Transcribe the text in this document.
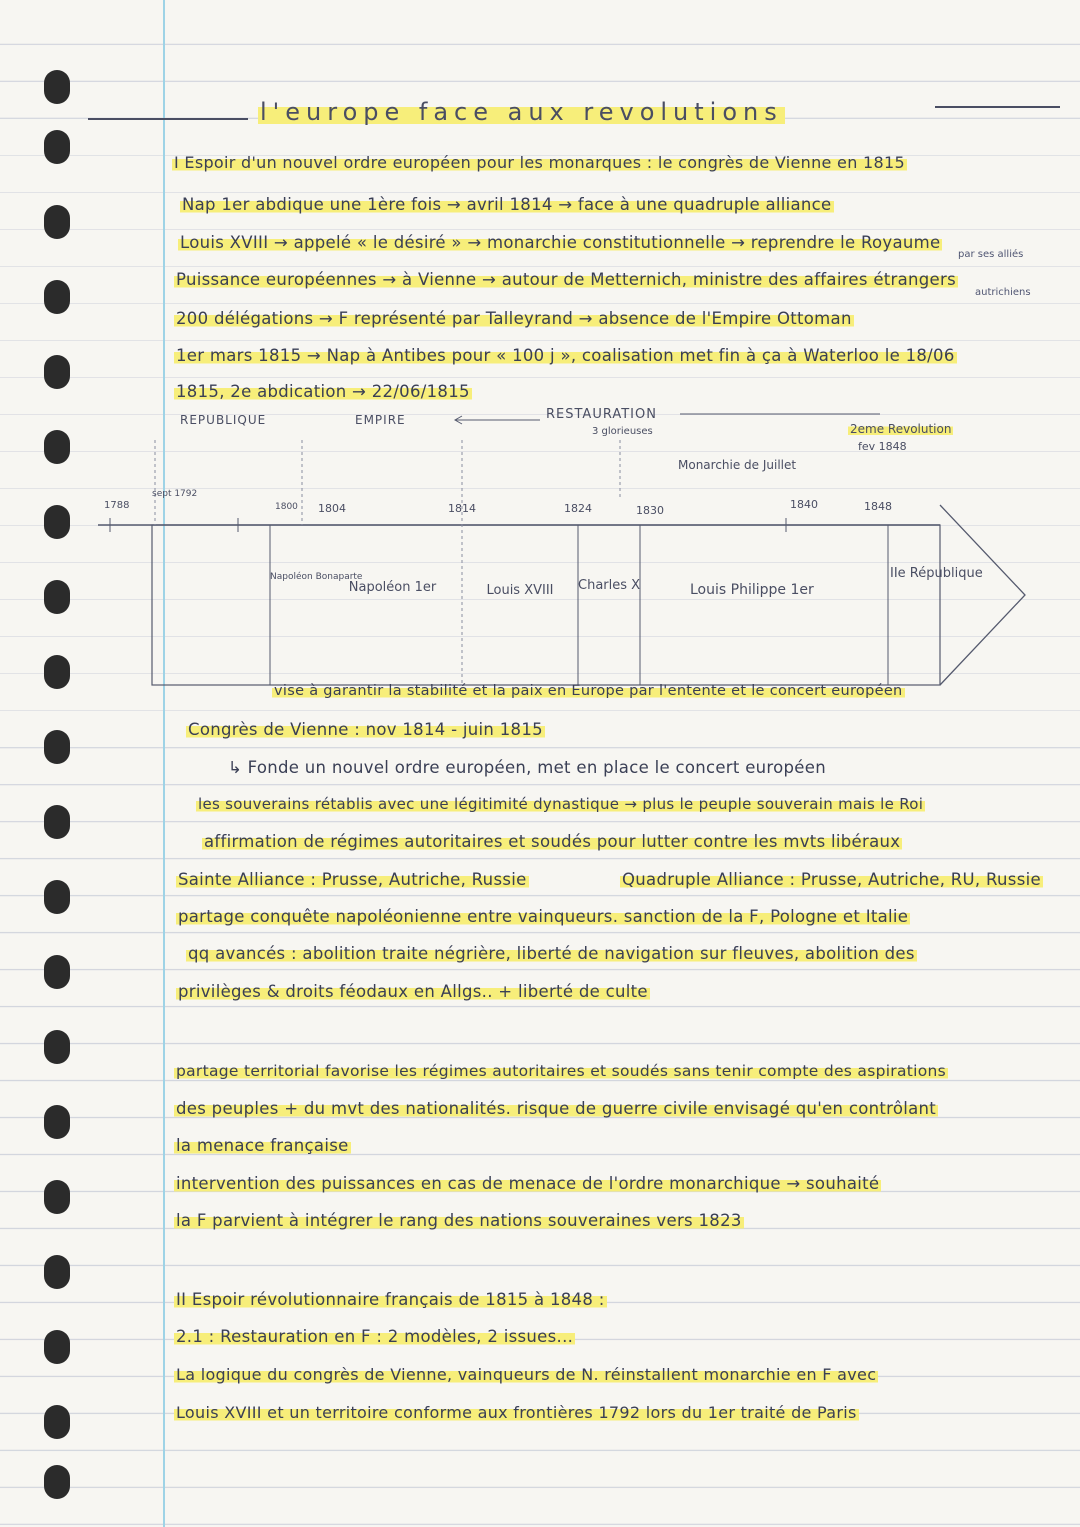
l'europe face aux revolutions
I Espoir d'un nouvel ordre européen pour les monarques : le congrès de Vienne en 1815
Nap 1er abdique une 1ère fois → avril 1814 → face à une quadruple alliance
Louis XVIII → appelé « le désiré » → monarchie constitutionnelle → reprendre le Royaume
par ses alliés
Puissance européennes → à Vienne → autour de Metternich, ministre des affaires étrangers
autrichiens
200 délégations → F représenté par Talleyrand → absence de l'Empire Ottoman
1er mars 1815 → Nap à Antibes pour « 100 j », coalisation met fin à ça à Waterloo le 18/06
1815, 2e abdication → 22/06/1815
REPUBLIQUE	EMPIRE	RESTAURATION
3 glorieuses
Monarchie de Juillet
2eme Revolution
fev 1848
1788
sept 1792
1800 1804	1814	1824	1830	1840	1848
Napoléon Bonaparte
Napoléon 1er	Louis XVIII	Charles X	Louis Philippe 1er
IIe République
vise à garantir la stabilité et la paix en Europe par l'entente et le concert européen
Congrès de Vienne : nov 1814 - juin 1815
↳ Fonde un nouvel ordre européen, met en place le concert européen
les souverains rétablis avec une légitimité dynastique → plus le peuple souverain mais le Roi
affirmation de régimes autoritaires et soudés pour lutter contre les mvts libéraux
Sainte Alliance : Prusse, Autriche, Russie	Quadruple Alliance : Prusse, Autriche, RU, Russie
partage conquête napoléonienne entre vainqueurs. sanction de la F, Pologne et Italie
qq avancés : abolition traite négrière, liberté de navigation sur fleuves, abolition des
privilèges & droits féodaux en Allgs.. + liberté de culte
partage territorial favorise les régimes autoritaires et soudés sans tenir compte des aspirations
des peuples + du mvt des nationalités. risque de guerre civile envisagé qu'en contrôlant
la menace française
intervention des puissances en cas de menace de l'ordre monarchique → souhaité
la F parvient à intégrer le rang des nations souveraines vers 1823
II Espoir révolutionnaire français de 1815 à 1848 :
2.1 : Restauration en F : 2 modèles, 2 issues...
La logique du congrès de Vienne, vainqueurs de N. réinstallent monarchie en F avec
Louis XVIII et un territoire conforme aux frontières 1792 lors du 1er traité de Paris
